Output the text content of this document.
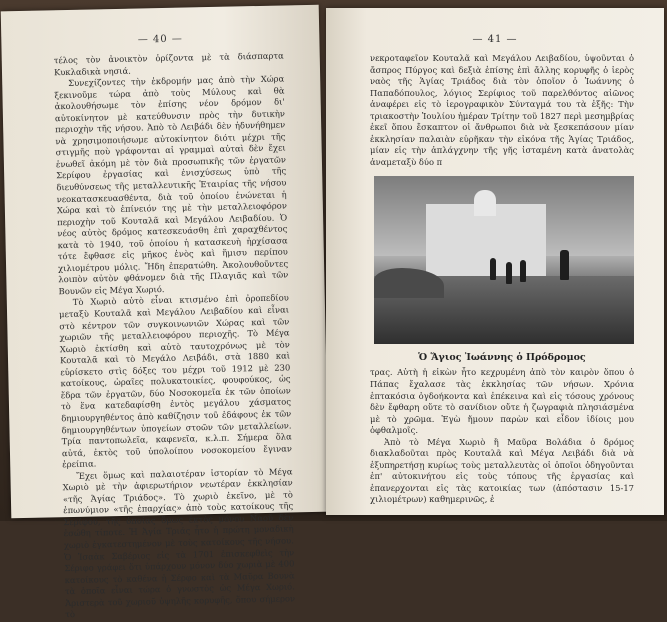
— 40 —

τέλος τὸν ἀνοικτὸν ὁρίζοντα μὲ τὰ διάσπαρτα Κυκλαδικὰ νησιά.

Συνεχίζοντες τὴν ἐκδρομήν μας ἀπὸ τὴν Χώρα ξεκινοῦμε τώρα ἀπὸ τοὺς Μύλους καὶ θὰ ἀκολουθήσωμε τὸν ἐπίσης νέον δρόμον δι' αὐτοκίνητον μὲ κατεύθυνσιν πρὸς τὴν δυτικὴν περιοχὴν τῆς νήσου. Ἀπὸ τὸ Λειβάδι δὲν ἠδυνήθημεν νὰ χρησιμοποιήσωμε αὐτοκίνητον διότι μέχρι τῆς στιγμῆς ποὺ γράφονται αἱ γραμμαὶ αὐταὶ δὲν ἔχει ἑνωθεῖ ἀκόμη μὲ τὸν διὰ προσωπικῆς τῶν ἐργατῶν Σερίφου ἐργασίας καὶ ἐνισχύσεως ὑπὸ τῆς διευθύνσεως τῆς μεταλλευτικῆς Ἑταιρίας τῆς νήσου νεοκατασκευασθέντα, διὰ τοῦ ὁποίου ἑνώνεται ἡ Χώρα καὶ τὸ ἐπίνειόν της μὲ τὴν μεταλλειοφόρον περιοχὴν τοῦ Κουταλᾶ καὶ Μεγάλου Λειβαδίου. Ὁ νέος αὐτὸς δρόμος κατεσκευάσθη ἐπὶ χαραχθέντος κατὰ τὸ 1940, τοῦ ὁποίου ἡ κατασκευὴ ἠρχίσασα τότε ἔφθασε εἰς μῆκος ἑνὸς καὶ ἥμισυ περίπου χιλιομέτρου μόλις. Ἤδη ἐπερατώθη. Ἀκολουθοῦντες λοιπὸν αὐτὸν φθάνομεν διὰ τῆς Πλαγιᾶς καὶ τῶν Βουνῶν εἰς Μέγα Χωριό.

Τὸ Χωριὸ αὐτὸ εἶναι κτισμένο ἐπὶ ὀροπεδίου μεταξὺ Κουταλᾶ καὶ Μεγάλου Λειβαδίου καὶ εἶναι στὸ κέντρον τῶν συγκοινωνιῶν Χώρας καὶ τῶν χωριῶν τῆς μεταλλειοφόρου περιοχῆς. Τὸ Μέγα Χωριὸ ἐκτίσθη καὶ αὐτὸ ταυτοχρόνως μὲ τὸν Κουταλᾶ καὶ τὸ Μεγάλο Λειβάδι, στὰ 1880 καὶ εὑρίσκετο στὶς δόξες του μέχρι τοῦ 1912 μὲ 230 κατοίκους, ὡραῖες πολυκατοικίες, φουφούκος, ὡς ἕδρα τῶν ἐργατῶν, δύο Νοσοκομεῖα ἐκ τῶν ὁποίων τὸ ἕνα κατεδαφίσθη ἐντὸς μεγάλου χάσματος δημιουργηθέντος ἀπὸ καθίζησιν τοῦ ἐδάφους ἐκ τῶν δημιουργηθέντων ὑπογείων στοῶν τῶν μεταλλείων. Τρία παντοπωλεῖα, καφενεῖα, κ.λ.π. Σήμερα ὅλα αὐτά, ἐκτὸς τοῦ ὑπολοίπου νοσοκομείου ἔγιναν ἐρείπια.

Ἔχει ὅμως καὶ παλαιοτέραν ἱστορίαν τὸ Μέγα Χωριὸ μὲ τὴν ἀφιερωτήριον νεωτέραν ἐκκλησίαν «τῆς Ἁγίας Τριάδος». Τὸ χωριὸ ἐκεῖνο, μὲ τὸ ἐπωνύμιον «τῆς ἐπαρχίας» ἀπὸ τοὺς κατοίκους τῆς Σερίφου, τῆς ὁποίας ὅμως ἐκτὸς μόνου Ναοῦ δὲν ἐσώθη τίποτε. Ἡ Ἀγία Τριάς ἦτο ἡ πρώτη μοναδικὴ χωριὸ ἐγκατεστημένον μὲ τοὺς κατοίκους τῆς νήσου. Ὁ Ἰσαὰκ Σαβέριος εἰς τὰ 1701 ἐπισκεφθεὶς τὴν Σέριφο γράφει ὅτι ὑπάρχουν μόνον δύο χωριὰ μὲ 400 κατοίκους τὸ καθένα ἡ Σέρφο καὶ τὰ Μαῦρα Βουνὰ τὰ ὁποῖα εἶναι τώρα ὁ γνωστὸς ὡς Μέγα Χωριό. Ἀριστερὰ τοῦ χωριοῦ ὑψηλῆς κορυφῆς, ὅπου σήμερον τὸ

— 41 —

νεκροταφεῖον Κουταλᾶ καὶ Μεγάλου Λειβαδίου, ὑψοῦνται ὁ ἄσπρος Πύργος καὶ δεξιὰ ἐπίσης ἐπὶ ἄλλης κορυφῆς ὁ ἱερὸς ναὸς τῆς Ἁγίας Τριάδος διὰ τὸν ὁποῖον ὁ Ἰωάννης ὁ Παπαδόπουλος, λόγιος Σερίφιος τοῦ παρελθόντος αἰῶνος ἀναφέρει εἰς τὸ ἱερογραφικὸν Σύνταγμά του τὰ ἑξῆς: Τὴν τριακοστὴν Ἰουλίου ἡμέραν Τρίτην τοῦ 1827 περὶ μεσημβρίας ἐκεῖ ὅπου ἔσκαπτον οἱ ἄνθρωποι διὰ νὰ ξεσκεπάσουν μίαν ἐκκλησίαν παλαιὰν εὑρῆκαν τὴν εἰκόνα τῆς Ἁγίας Τριάδος, μίαν εἰς τὴν ἀπλάγχνην τῆς γῆς ἱσταμένη κατὰ ἀνατολὰς ἀναμεταξὺ δύο π

Ὁ Ἅγιος Ἰωάννης ὁ Πρόδρομος

τρας. Αὐτὴ ἡ εἰκὼν ἦτο κεχρυμένη ἀπὸ τὸν καιρὸν ὅπου ὁ Πάπας ἔχαλασε τὰς ἐκκλησίας τῶν νήσων. Χρόνια ἑπτακόσια ὀγδοήκοντα καὶ ἐπέκεινα καὶ εἰς τόσους χρόνους δὲν ἔφθαρη οὔτε τὸ σανίδιον οὔτε ἡ ζωγραφιὰ πλησιάσμένα μὲ τὸ χρῶμα. Ἐγὼ ἤμουν παρὼν καὶ εἶδον ἰδίοις μου ὀφθαλμοῖς.

Ἀπὸ τὸ Μέγα Χωριὸ ἢ Μαῦρα Βολάδια ὁ δρόμος διακλαδοῦται πρὸς Κουταλᾶ καὶ Μέγα Λειβάδι διὰ νὰ ἐξυπηρετήσῃ κυρίως τοὺς μεταλλευτὰς οἱ ὁποῖοι ὁδηγοῦνται ἐπ' αὐτοκινήτου εἰς τοὺς τόπους τῆς ἐργασίας καὶ ἐπανερχονται εἰς τὰς κατοικίας των (ἀπόστασιν 15-17 χιλιομέτρων) καθημερινῶς, ἐ
